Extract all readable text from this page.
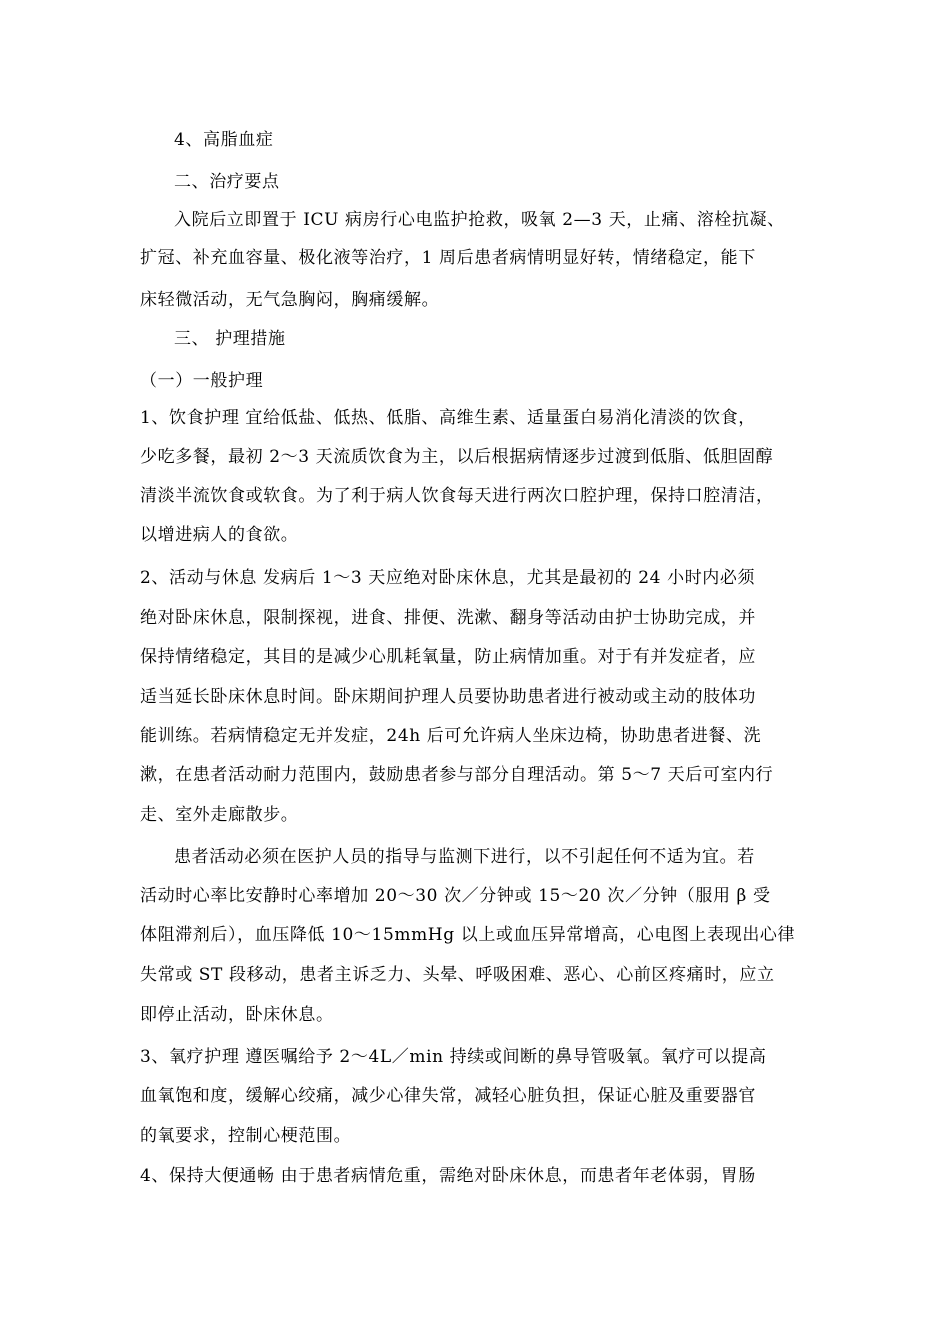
4、高脂血症
二、治疗要点
入院后立即置于 ICU 病房行心电监护抢救，吸氧 2—3 天，止痛、溶栓抗凝、
扩冠、补充血容量、极化液等治疗，1 周后患者病情明显好转，情绪稳定，能下
床轻微活动，无气急胸闷，胸痛缓解。
三、 护理措施
（一）一般护理
1、饮食护理 宜给低盐、低热、低脂、高维生素、适量蛋白易消化清淡的饮食，
少吃多餐，最初 2～3 天流质饮食为主，以后根据病情逐步过渡到低脂、低胆固醇
清淡半流饮食或软食。为了利于病人饮食每天进行两次口腔护理，保持口腔清洁，
以增进病人的食欲。
2、活动与休息 发病后 1～3 天应绝对卧床休息，尤其是最初的 24 小时内必须
绝对卧床休息，限制探视，进食、排便、洗漱、翻身等活动由护士协助完成，并
保持情绪稳定，其目的是减少心肌耗氧量，防止病情加重。对于有并发症者，应
适当延长卧床休息时间。卧床期间护理人员要协助患者进行被动或主动的肢体功
能训练。若病情稳定无并发症，24h 后可允许病人坐床边椅，协助患者进餐、洗
漱，在患者活动耐力范围内，鼓励患者参与部分自理活动。第 5～7 天后可室内行
走、室外走廊散步。
患者活动必须在医护人员的指导与监测下进行，以不引起任何不适为宜。若
活动时心率比安静时心率增加 20～30 次／分钟或 15～20 次／分钟（服用 β 受
体阻滞剂后），血压降低 10～15mmHg 以上或血压异常增高，心电图上表现出心律
失常或 ST 段移动，患者主诉乏力、头晕、呼吸困难、恶心、心前区疼痛时，应立
即停止活动，卧床休息。
3、氧疗护理 遵医嘱给予 2～4L／min 持续或间断的鼻导管吸氧。氧疗可以提高
血氧饱和度，缓解心绞痛，减少心律失常，减轻心脏负担，保证心脏及重要器官
的氧要求，控制心梗范围。
4、保持大便通畅 由于患者病情危重，需绝对卧床休息，而患者年老体弱，胃肠
